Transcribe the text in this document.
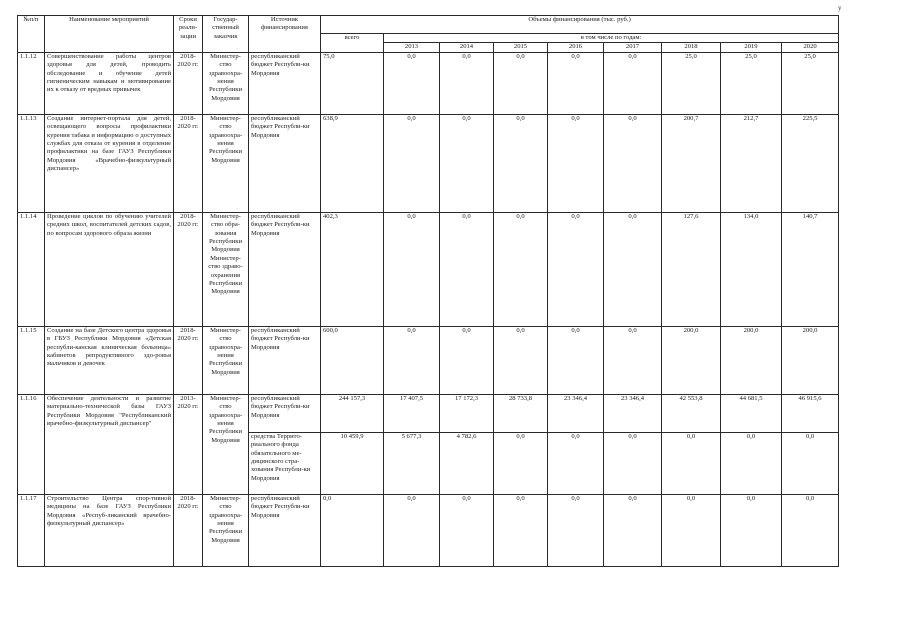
у
№п/п	Наименование мероприятий	Сроки реали-зации	Государ-ственный заказчик	Источник финансирования	Объемы финансирования (тыс. руб.)								
					всего	в том числе по годам:							
						2013	2014	2015	2016	2017	2018	2019	2020
1.1.12	Совершенствование работы центров здоровья для детей, проводить обследование и обучение детей гигиеническим навыкам и мотивирование их к отказу от вредных привычек	2018-2020 гг.	Министер-ство здравоохра-нения Республики Мордовия	республиканский бюджет Республи-ки Мордовия	75,0	0,0	0,0	0,0	0,0	0,0	25,0	25,0	25,0
1.1.13	Создание интернет-портала для детей, освещающего вопросы профилактики курения табака и информацию о доступных службах для отказа от курения в отделение профилактики на базе ГАУЗ Республики Мордовия «Врачебно-физкультурный диспансер»	2018-2020 гг.	Министер-ство здравоохра-нения Республики Мордовия	республиканский бюджет Республи-ки Мордовия	638,9	0,0	0,0	0,0	0,0	0,0	200,7	212,7	225,5
1.1.14	Проведение циклов по обучению учителей средних школ, воспитателей детских садов, по вопросам здорового образа жизни	2018-2020 гг.	Министер-ство обра-зования Республики Мордовия Министер-ство здраво-охранения Республики Мордовия	республиканский бюджет Республи-ки Мордовия	402,3	0,0	0,0	0,0	0,0	0,0	127,6	134,0	140,7
1.1.15	Создание на базе Детского центра здоровья в ГБУЗ Республики Мордовия «Детская республи-канская клиническая больница» кабинетов репродуктивного здо-ровья мальчиков и девочек	2018-2020 гг.	Министер-ство здравоохра-нения Республики Мордовия	республиканский бюджет Республи-ки Мордовия	600,0	0,0	0,0	0,0	0,0	0,0	200,0	200,0	200,0
1.1.16	Обеспечение деятельности и развитие материально-технической базы ГАУЗ Республики Мордовия "Республиканский врачебно-физкультурный диспансер"	2013-2020 гг.	Министер-ство здравоохра-нения Республики Мордовия	республиканский бюджет Республи-ки Мордовия	244 157,3	17 407,5	17 172,3	28 733,8	23 346,4	23 346,4	42 553,8	44 681,5	46 915,6
				средства Террито-риального фонда обязательного ме-дицинского стра-хования Республи-ки Мордовия	10 459,9	5 677,3	4 782,6	0,0	0,0	0,0	0,0	0,0	0,0
1.1.17	Строительство Центра спор-тивной медицины на базе ГАУЗ Республики Мордовия «Респуб-ликанский врачебно-физкультурный диспансер»	2018-2020 гг.	Министер-ство здравоохра-нения Республики Мордовия	республиканский бюджет Республи-ки Мордовия	0,0	0,0	0,0	0,0	0,0	0,0	0,0	0,0	0,0
